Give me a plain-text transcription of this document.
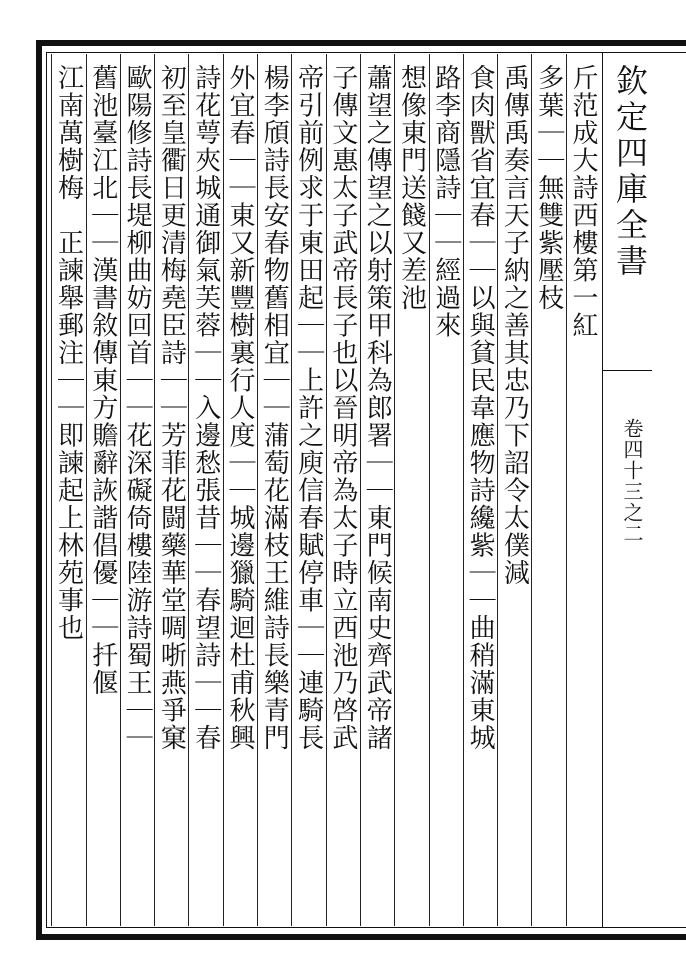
欽定四庫全書
卷四十三之二
斤范成大詩西樓第一紅
多葉｜｜無雙紫壓枝
禹傳禹奏言天子納之善其忠乃下詔令太僕減
食肉獸省宜春｜｜以與貧民韋應物詩纔紫｜｜曲稍滿東城
路李商隱詩｜｜經過來
想像東門送餞又差池
蕭望之傳望之以射策甲科為郎署｜｜東門候南史齊武帝諸
子傳文惠太子武帝長子也以晉明帝為太子時立西池乃啓武
帝引前例求于東田起｜｜上許之庾信春賦停車｜｜連騎長
楊李頎詩長安春物舊相宜｜｜蒲萄花滿枝王維詩長樂青門
外宜春｜｜東又新豐樹裏行人度｜｜城邊獵騎迴杜甫秋興
詩花萼夾城通御氣芙蓉｜｜入邊愁張昔｜｜春望詩｜｜春
初至皇衢日更清梅堯臣詩｜｜芳菲花闘藥華堂啁哳燕爭窠
歐陽修詩長堤柳曲妨回首｜｜花深礙倚樓陸游詩蜀王｜｜
舊池臺江北｜｜漢書敘傳東方贍辭詼諧倡優｜｜扦偃
江南萬樹梅　正諫舉郵注｜｜即諫起上林苑事也
